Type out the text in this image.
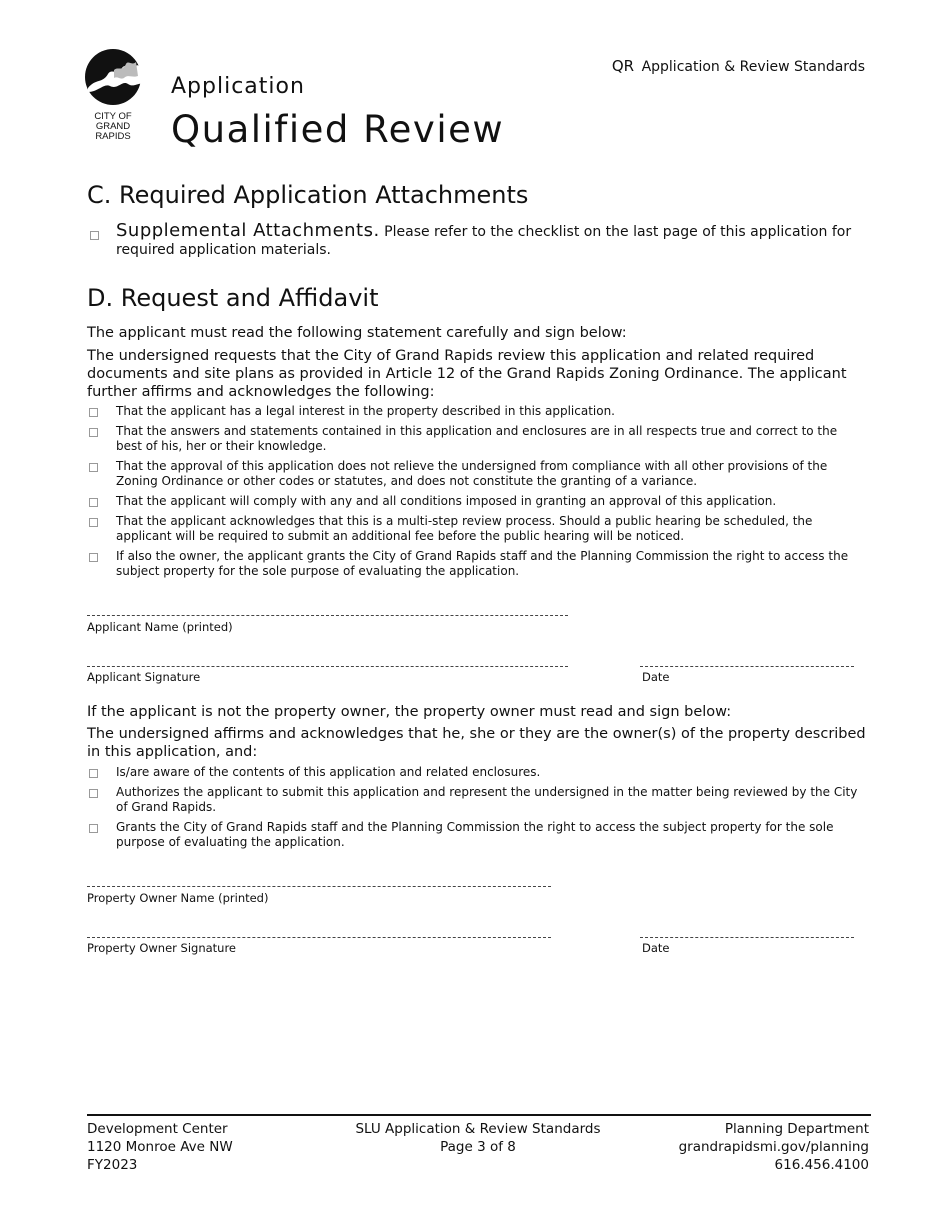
CITY OF
GRAND
RAPIDS
Application
Qualified Review
QR Application & Review Standards
C. Required Application Attachments
Supplemental Attachments. Please refer to the checklist on the last page of this application for required application materials.
D. Request and Affidavit
The applicant must read the following statement carefully and sign below:
The undersigned requests that the City of Grand Rapids review this application and related required documents and site plans as provided in Article 12 of the Grand Rapids Zoning Ordinance. The applicant further affirms and acknowledges the following:
That the applicant has a legal interest in the property described in this application.
That the answers and statements contained in this application and enclosures are in all respects true and correct to the best of his, her or their knowledge.
That the approval of this application does not relieve the undersigned from compliance with all other provisions of the Zoning Ordinance or other codes or statutes, and does not constitute the granting of a variance.
That the applicant will comply with any and all conditions imposed in granting an approval of this application.
That the applicant acknowledges that this is a multi-step review process. Should a public hearing be scheduled, the applicant will be required to submit an additional fee before the public hearing will be noticed.
If also the owner, the applicant grants the City of Grand Rapids staff and the Planning Commission the right to access the subject property for the sole purpose of evaluating the application.
Applicant Name (printed)
Applicant Signature	Date
If the applicant is not the property owner, the property owner must read and sign below:
The undersigned affirms and acknowledges that he, she or they are the owner(s) of the property described in this application, and:
Is/are aware of the contents of this application and related enclosures.
Authorizes the applicant to submit this application and represent the undersigned in the matter being reviewed by the City of Grand Rapids.
Grants the City of Grand Rapids staff and the Planning Commission the right to access the subject property for the sole purpose of evaluating the application.
Property Owner Name (printed)
Property Owner Signature	Date
Development Center
1120 Monroe Ave NW
FY2023
SLU Application & Review Standards
Page 3 of 8
Planning Department
grandrapidsmi.gov/planning
616.456.4100
